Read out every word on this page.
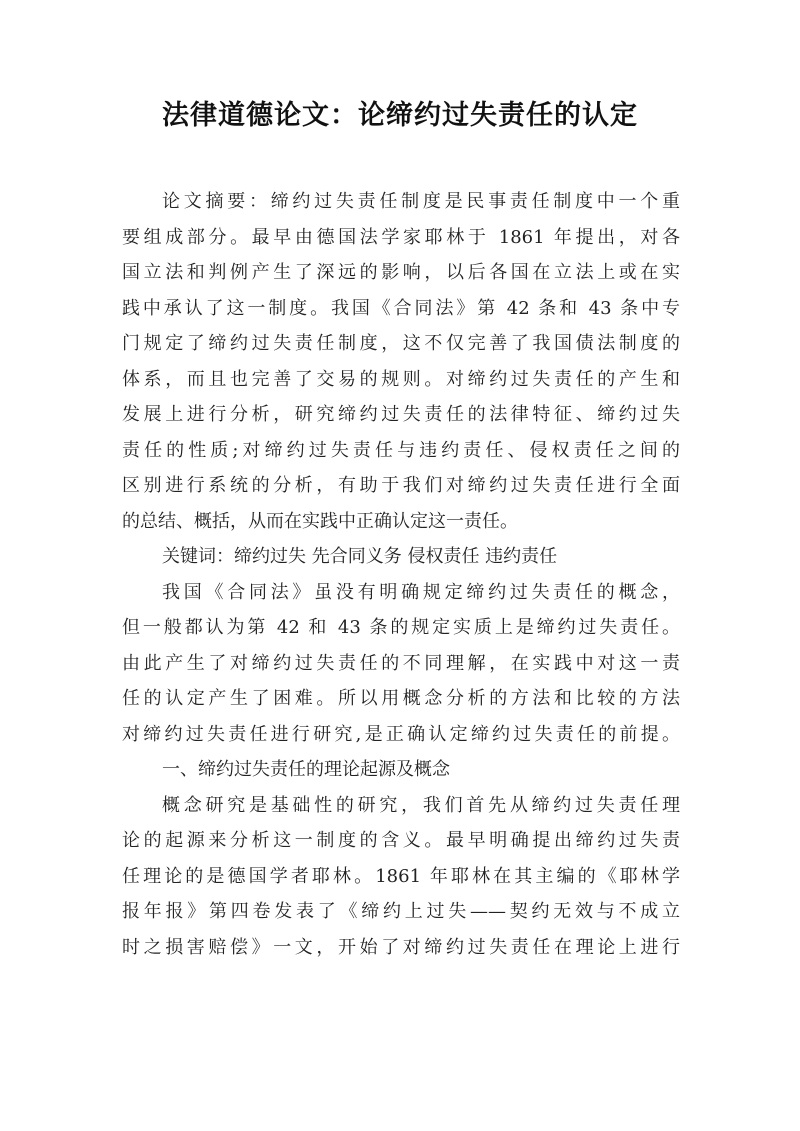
法律道德论文：论缔约过失责任的认定
论文摘要：缔约过失责任制度是民事责任制度中一个重
要组成部分。最早由德国法学家耶林于 1861 年提出，对各
国立法和判例产生了深远的影响，以后各国在立法上或在实
践中承认了这一制度。我国《合同法》第 42 条和 43 条中专
门规定了缔约过失责任制度，这不仅完善了我国债法制度的
体系，而且也完善了交易的规则。对缔约过失责任的产生和
发展上进行分析，研究缔约过失责任的法律特征、缔约过失
责任的性质;对缔约过失责任与违约责任、侵权责任之间的
区别进行系统的分析，有助于我们对缔约过失责任进行全面
的总结、概括，从而在实践中正确认定这一责任。
关键词：缔约过失 先合同义务 侵权责任 违约责任
我国《合同法》虽没有明确规定缔约过失责任的概念，
但一般都认为第 42 和 43 条的规定实质上是缔约过失责任。
由此产生了对缔约过失责任的不同理解，在实践中对这一责
任的认定产生了困难。所以用概念分析的方法和比较的方法
对缔约过失责任进行研究,是正确认定缔约过失责任的前提。
一、缔约过失责任的理论起源及概念
概念研究是基础性的研究，我们首先从缔约过失责任理
论的起源来分析这一制度的含义。最早明确提出缔约过失责
任理论的是德国学者耶林。1861 年耶林在其主编的《耶林学
报年报》第四卷发表了《缔约上过失——契约无效与不成立
时之损害赔偿》一文，开始了对缔约过失责任在理论上进行
